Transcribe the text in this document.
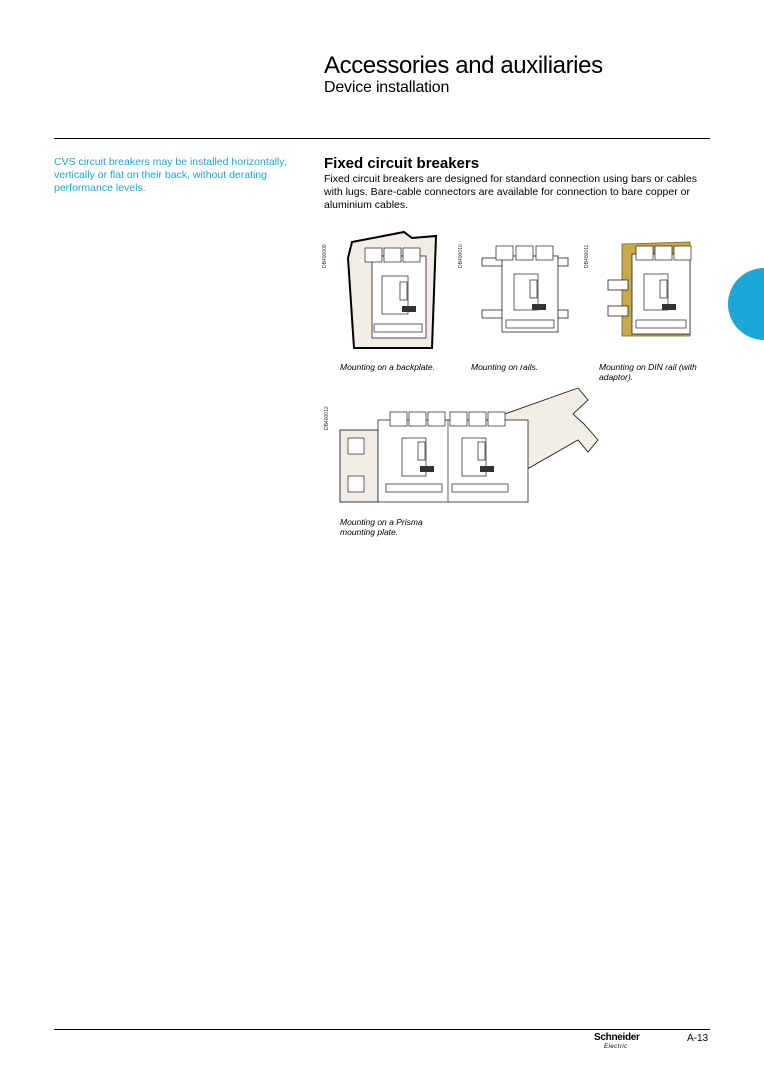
Accessories and auxiliaries
Device installation
CVS circuit breakers may be installed horizontally, vertically or flat on their back, without derating performance levels.
Fixed circuit breakers
Fixed circuit breakers are designed for standard connection using bars or cables with lugs. Bare-cable connectors are available for connection to bare copper or aluminium cables.
DB400009
Mounting on a backplate.
DB400010
Mounting on rails.
DB400011
Mounting on DIN rail (with adaptor).
DB400012
Mounting on a Prisma mounting plate.
Schneider
Electric
A-13
